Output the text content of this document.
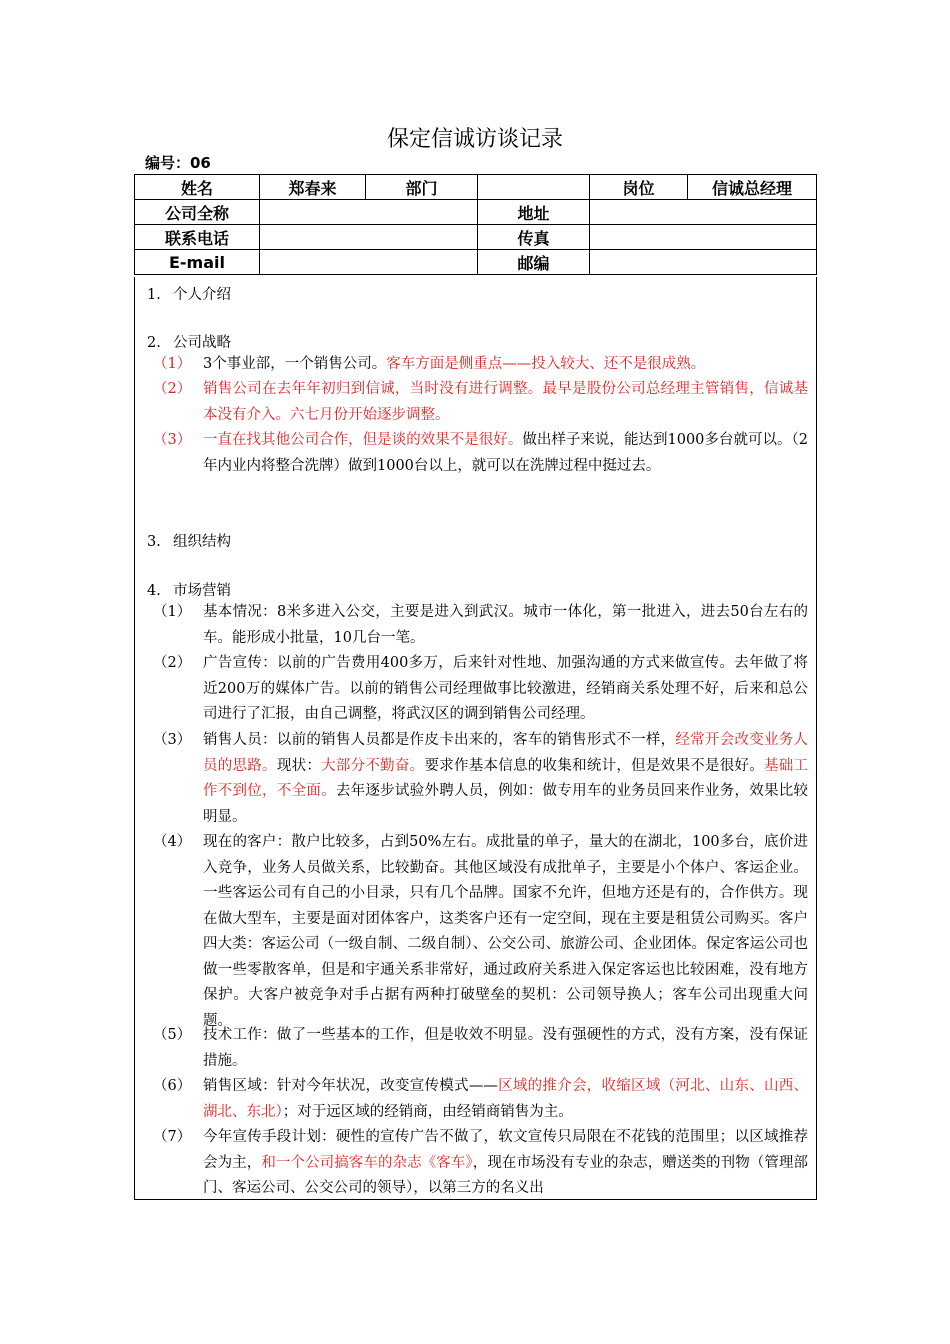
保定信诚访谈记录
编号：06
姓名	郑春来	部门		岗位	信诚总经理
公司全称			地址		
联系电话			传真		
E-mail			邮编		
1. 个人介绍
2. 公司战略
（1） 3个事业部，一个销售公司。客车方面是侧重点——投入较大、还不是很成熟。
（2） 销售公司在去年年初归到信诚，当时没有进行调整。最早是股份公司总经理主管销售，信诚基本没有介入。六七月份开始逐步调整。
（3） 一直在找其他公司合作，但是谈的效果不是很好。做出样子来说，能达到1000多台就可以。（2年内业内将整合洗牌）做到1000台以上，就可以在洗牌过程中挺过去。
3. 组织结构
4. 市场营销
（1） 基本情况：8米多进入公交，主要是进入到武汉。城市一体化，第一批进入，进去50台左右的车。能形成小批量，10几台一笔。
（2） 广告宣传：以前的广告费用400多万，后来针对性地、加强沟通的方式来做宣传。去年做了将近200万的媒体广告。以前的销售公司经理做事比较激进，经销商关系处理不好，后来和总公司进行了汇报，由自己调整，将武汉区的调到销售公司经理。
（3） 销售人员：以前的销售人员都是作皮卡出来的，客车的销售形式不一样，经常开会改变业务人员的思路。现状：大部分不勤奋。要求作基本信息的收集和统计，但是效果不是很好。基础工作不到位，不全面。去年逐步试验外聘人员，例如：做专用车的业务员回来作业务，效果比较明显。
（4） 现在的客户：散户比较多，占到50%左右。成批量的单子，量大的在湖北，100多台，底价进入竞争，业务人员做关系，比较勤奋。其他区域没有成批单子，主要是小个体户、客运企业。一些客运公司有自己的小目录，只有几个品牌。国家不允许，但地方还是有的，合作供方。现在做大型车，主要是面对团体客户，这类客户还有一定空间，现在主要是租赁公司购买。客户四大类：客运公司（一级自制、二级自制）、公交公司、旅游公司、企业团体。保定客运公司也做一些零散客单，但是和宇通关系非常好，通过政府关系进入保定客运也比较困难，没有地方保护。大客户被竞争对手占据有两种打破壁垒的契机：公司领导换人；客车公司出现重大问题。
（5） 技术工作：做了一些基本的工作，但是收效不明显。没有强硬性的方式，没有方案，没有保证措施。
（6） 销售区域：针对今年状况，改变宣传模式——区域的推介会，收缩区域（河北、山东、山西、湖北、东北）；对于远区域的经销商，由经销商销售为主。
（7） 今年宣传手段计划：硬性的宣传广告不做了，软文宣传只局限在不花钱的范围里；以区域推荐会为主，和一个公司搞客车的杂志《客车》，现在市场没有专业的杂志，赠送类的刊物（管理部门、客运公司、公交公司的领导），以第三方的名义出
